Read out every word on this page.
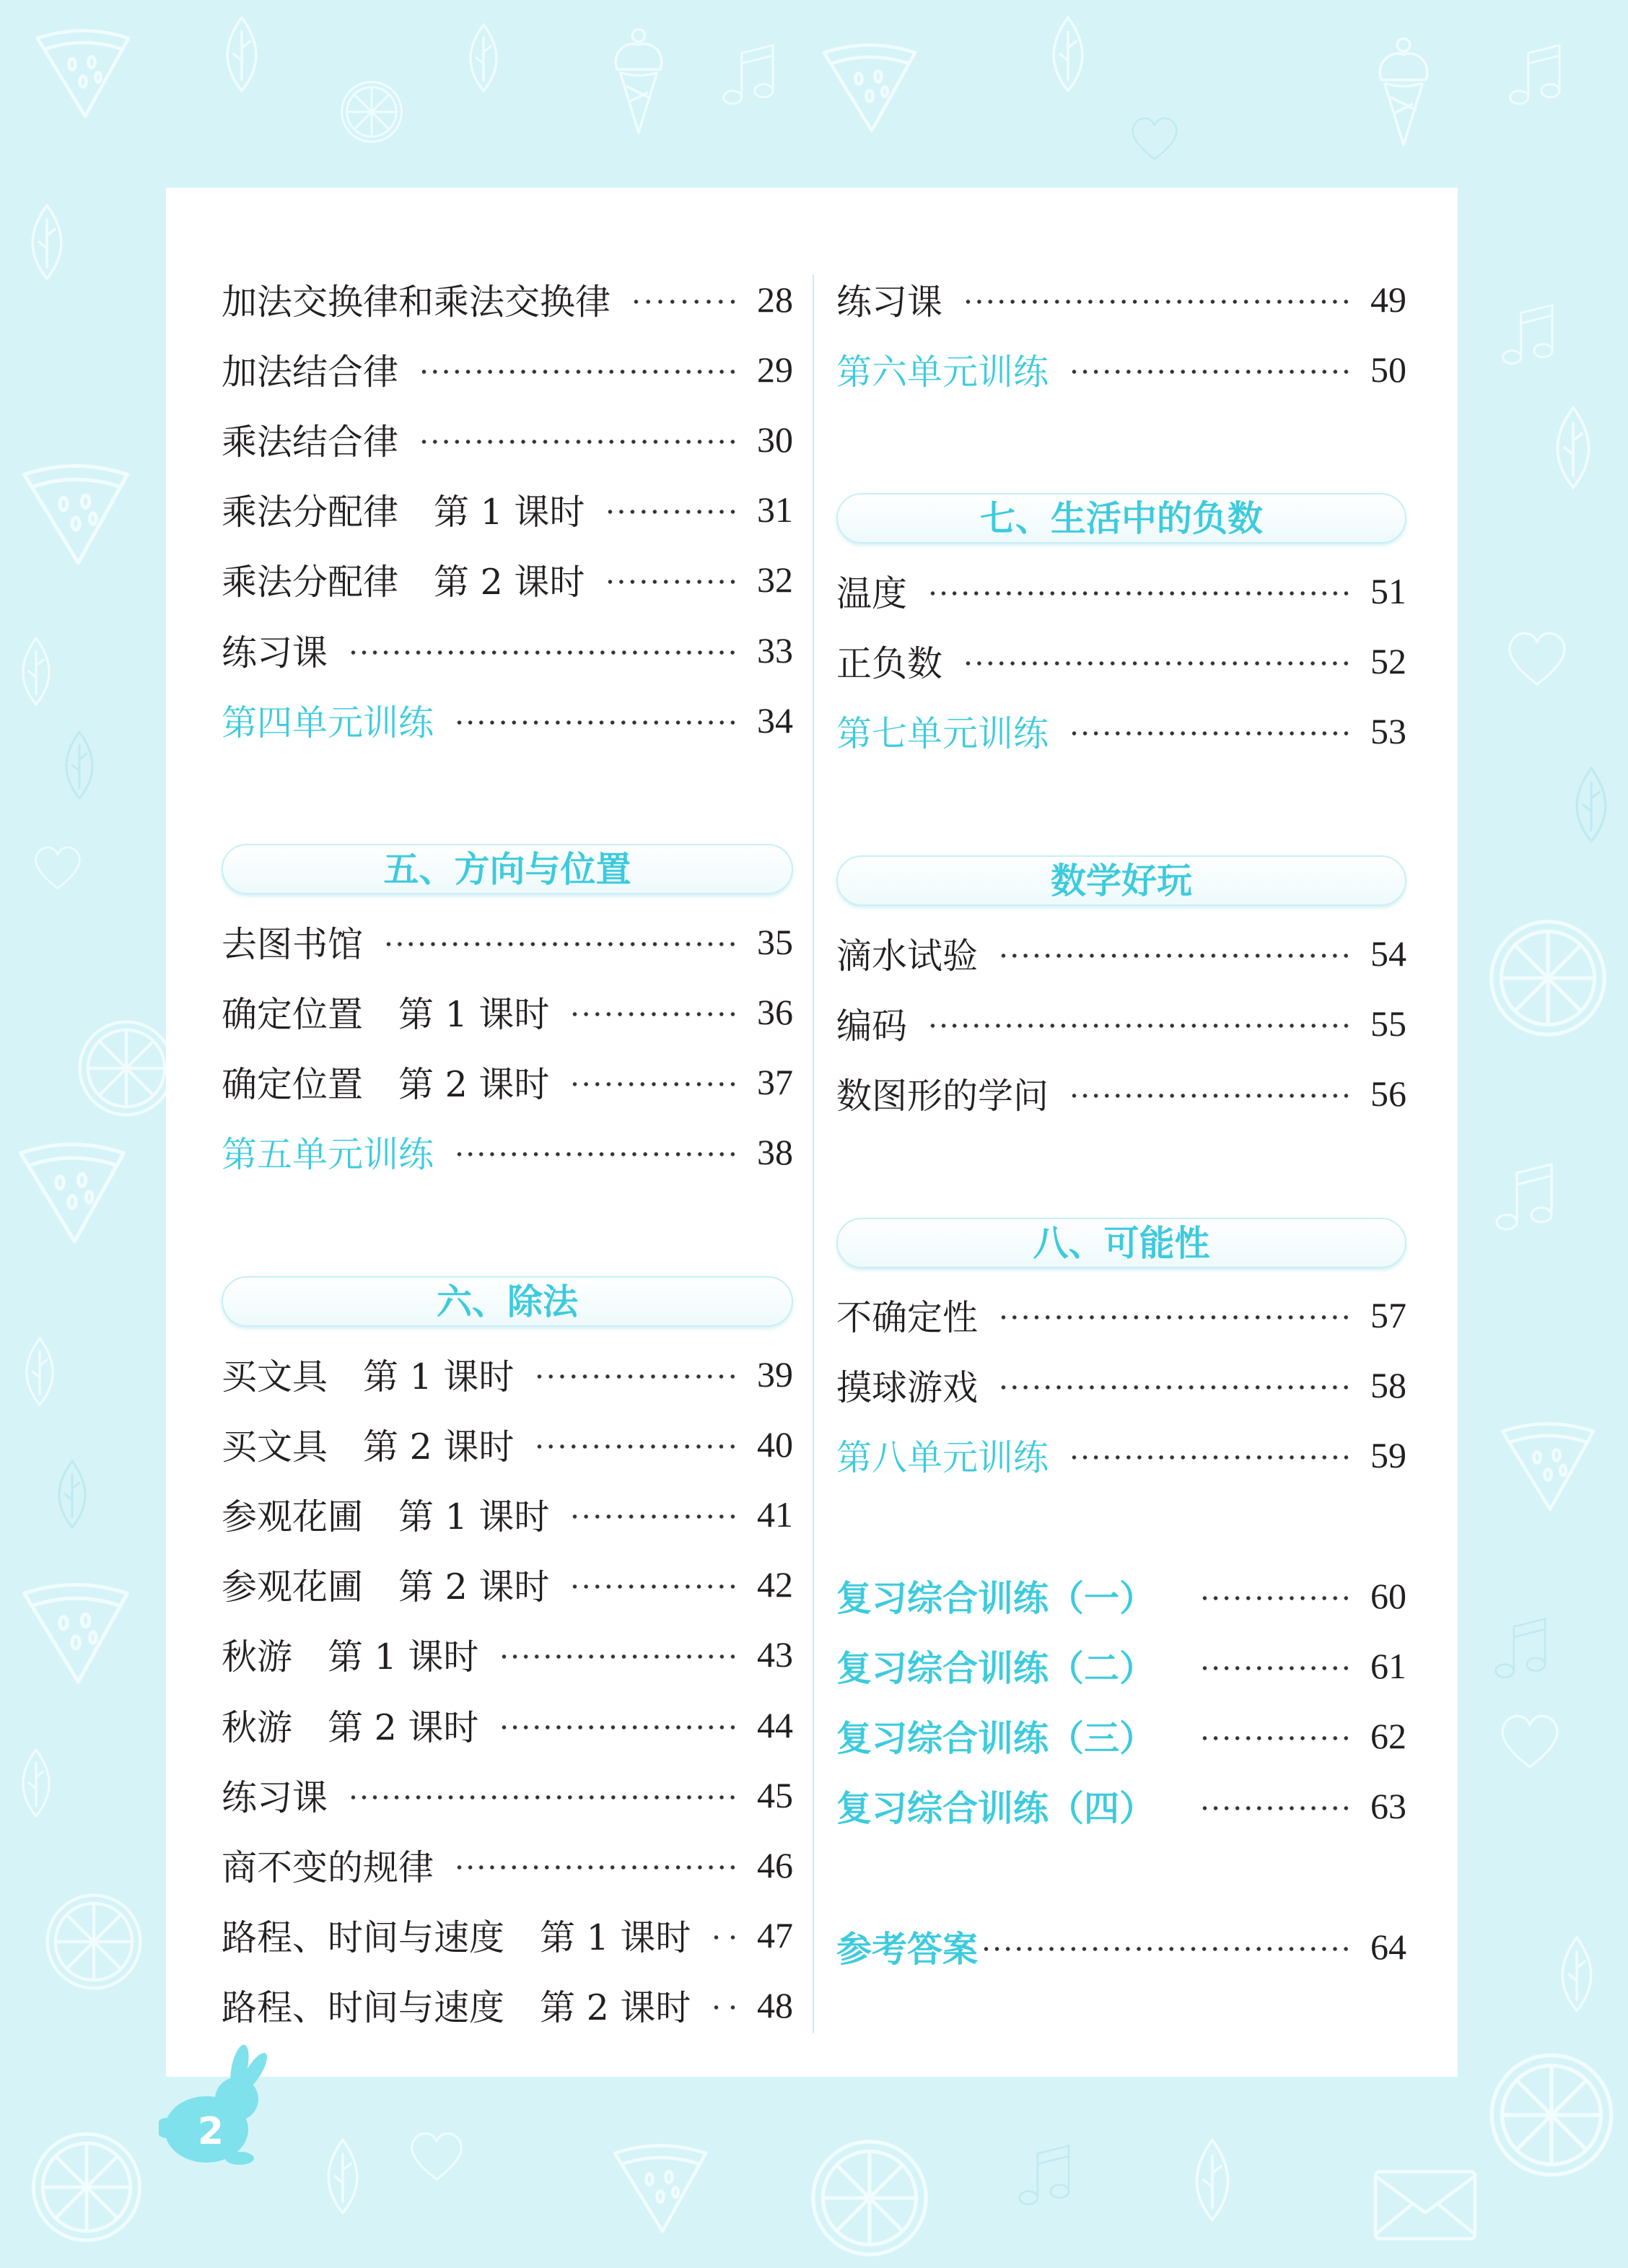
加法交换律和乘法交换律	28
加法结合律	29
乘法结合律	30
乘法分配律　第 1 课时	31
乘法分配律　第 2 课时	32
练习课	33
第四单元训练	34
五、方向与位置
去图书馆	35
确定位置　第 1 课时	36
确定位置　第 2 课时	37
第五单元训练	38
六、除法
买文具　第 1 课时	39
买文具　第 2 课时	40
参观花圃　第 1 课时	41
参观花圃　第 2 课时	42
秋游　第 1 课时	43
秋游　第 2 课时	44
练习课	45
商不变的规律	46
路程、时间与速度　第 1 课时 47
路程、时间与速度　第 2 课时 48
练习课	49
第六单元训练	50
七、生活中的负数
温度	51
正负数	52
第七单元训练	53
数学好玩
滴水试验	54
编码	55
数图形的学问	56
八、可能性
不确定性	57
摸球游戏	58
第八单元训练	59
复习综合训练（一）	60
复习综合训练（二）	61
复习综合训练（三）	62
复习综合训练（四）	63
参考答案	64
2
